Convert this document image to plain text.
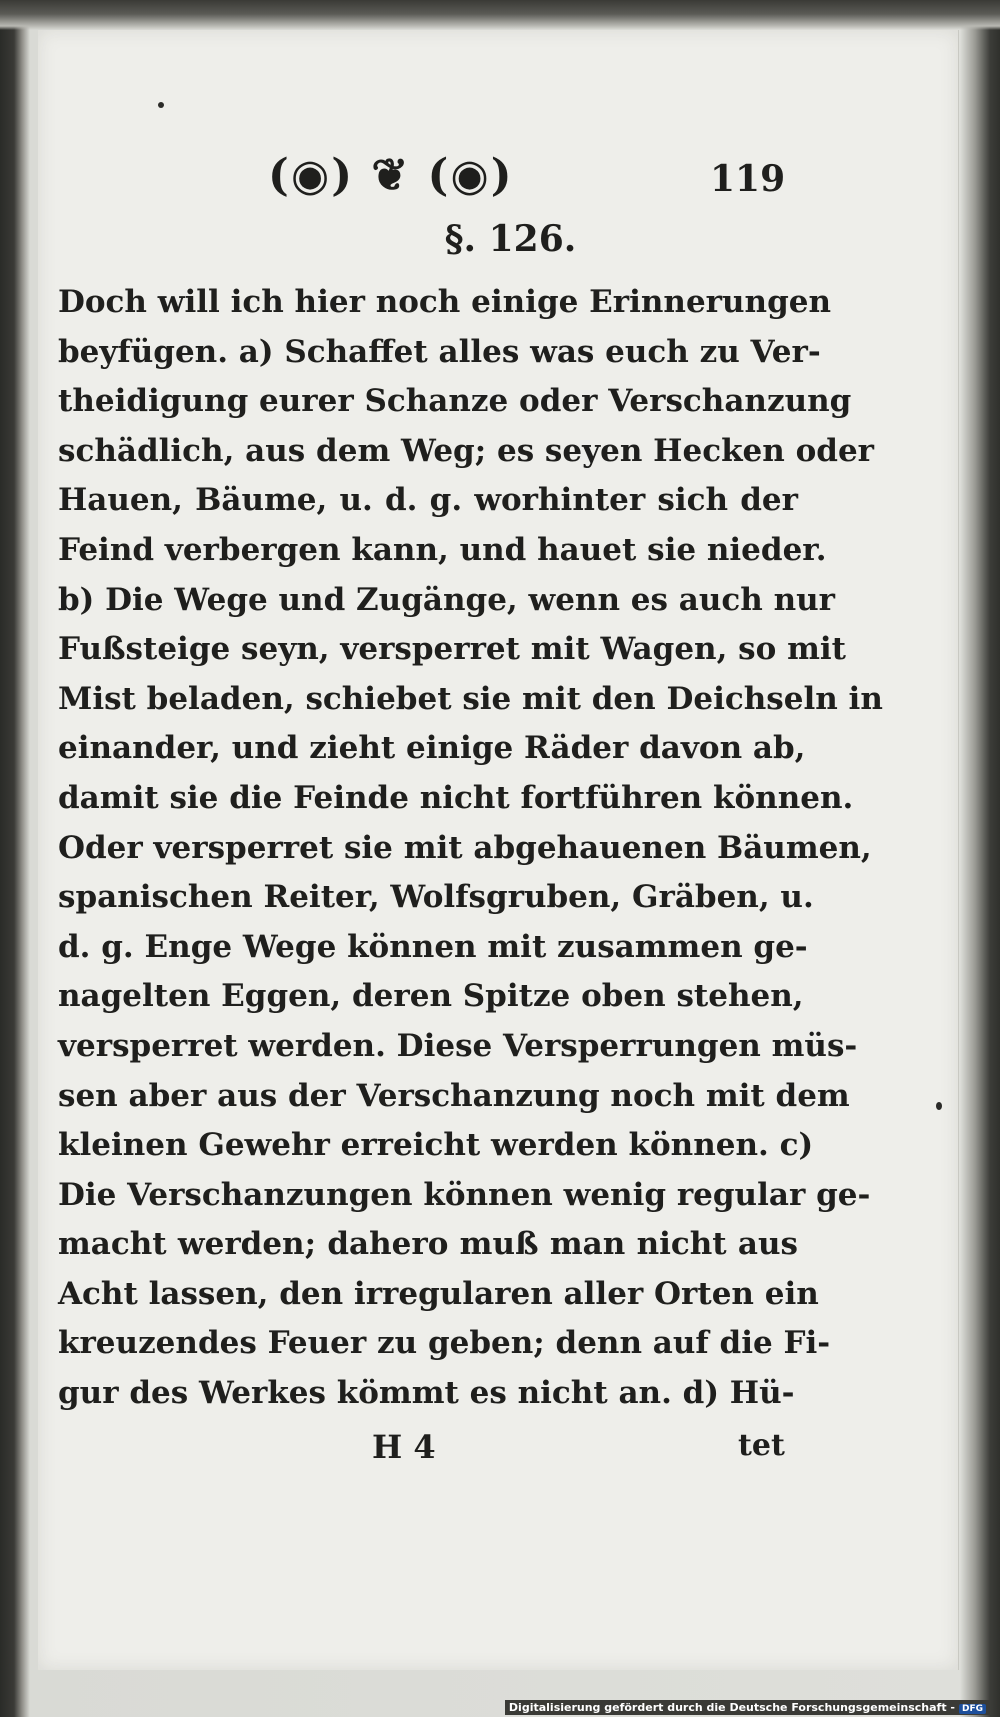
(◉) ❦ (◉)	119
§. 126.
Doch will ich hier noch einige Erinnerungen
beyfügen. a) Schaffet alles was euch zu Ver-
theidigung eurer Schanze oder Verschanzung
schädlich, aus dem Weg; es seyen Hecken oder
Hauen, Bäume, u. d. g. worhinter sich der
Feind verbergen kann, und hauet sie nieder.
b) Die Wege und Zugänge, wenn es auch nur
Fußsteige seyn, versperret mit Wagen, so mit
Mist beladen, schiebet sie mit den Deichseln in
einander, und zieht einige Räder davon ab,
damit sie die Feinde nicht fortführen können.
Oder versperret sie mit abgehauenen Bäumen,
spanischen Reiter, Wolfsgruben, Gräben, u.
d. g. Enge Wege können mit zusammen ge-
nagelten Eggen, deren Spitze oben stehen,
versperret werden. Diese Versperrungen müs-
sen aber aus der Verschanzung noch mit dem
kleinen Gewehr erreicht werden können. c)
Die Verschanzungen können wenig regular ge-
macht werden; dahero muß man nicht aus
Acht lassen, den irregularen aller Orten ein
kreuzendes Feuer zu geben; denn auf die Fi-
gur des Werkes kömmt es nicht an. d) Hü-
H 4	tet
Digitalisierung gefördert durch die Deutsche Forschungsgemeinschaft - DFG
